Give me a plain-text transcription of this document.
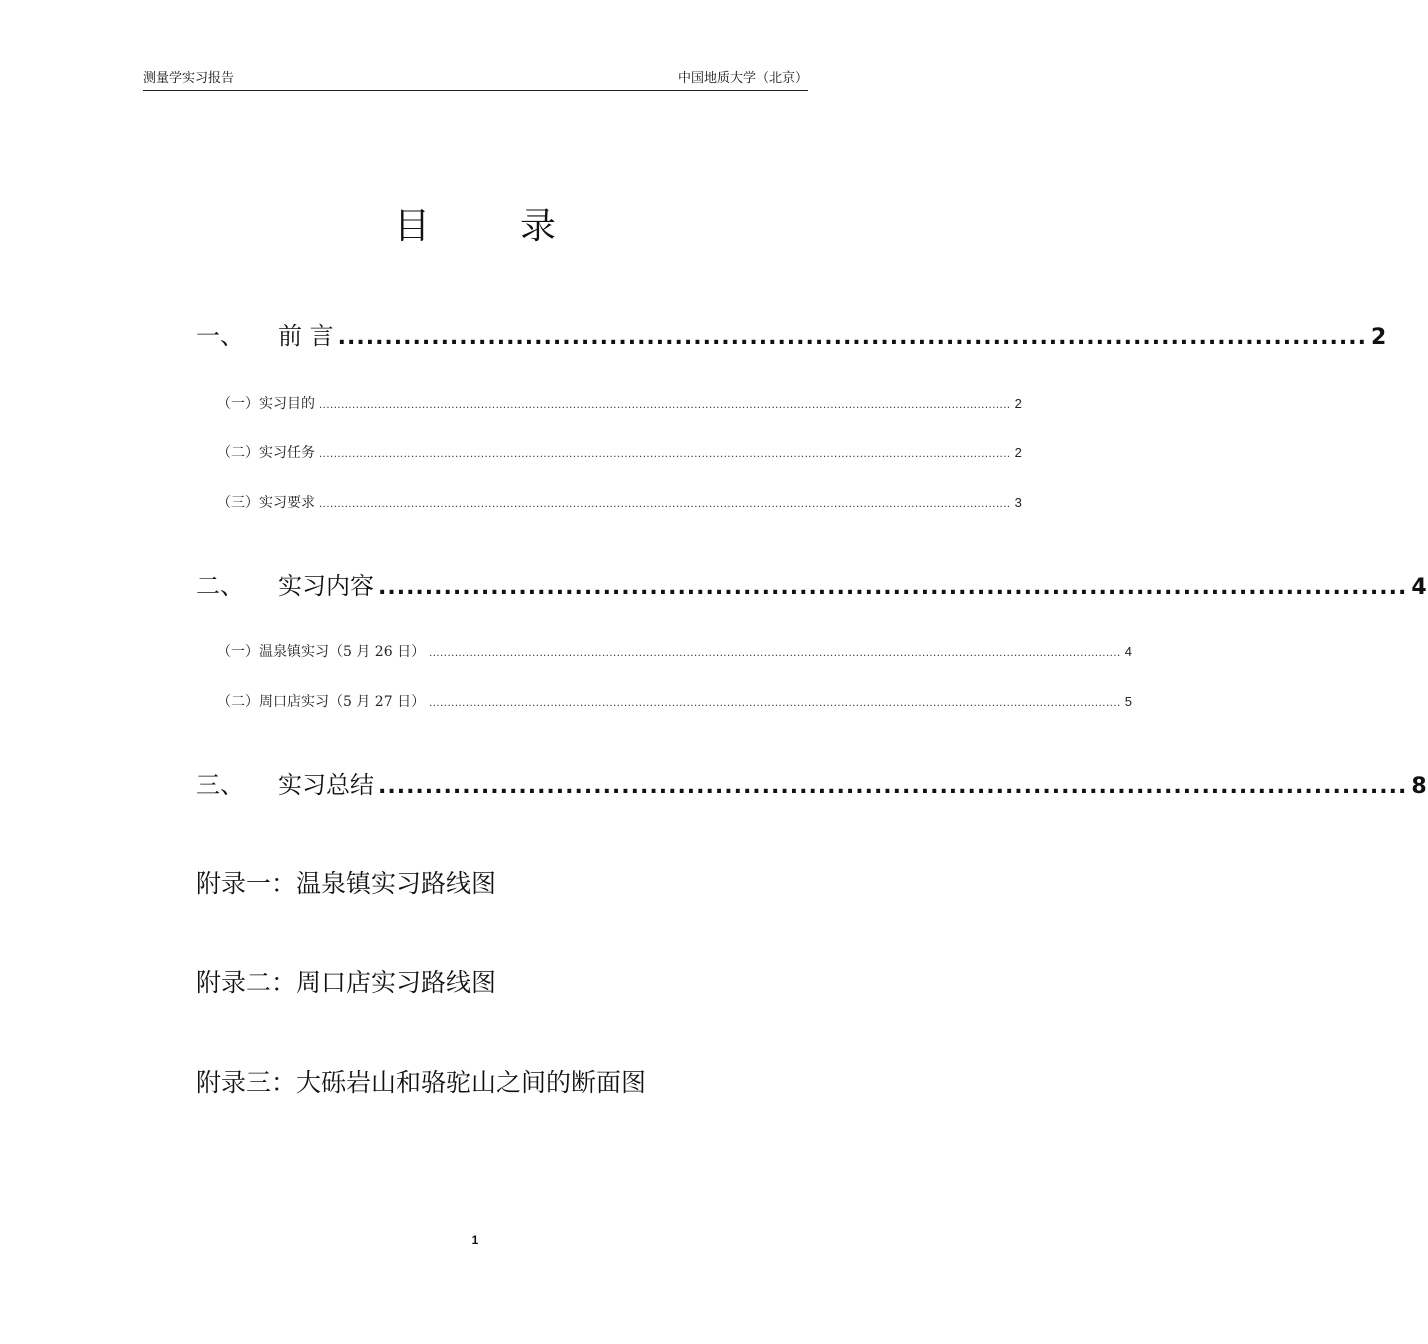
测量学实习报告	中国地质大学（北京）
目	录
一、 前 言 .............................................................................................................. 2
（一）实习目的 ............................................................................................................................................................................................ 2
（二）实习任务 ............................................................................................................................................................................................ 2
（三）实习要求 ............................................................................................................................................................................................ 3
二、 实习内容 .............................................................................................................. 4
（一）温泉镇实习（5 月 26 日） ............................................................................................................................................................................................ 4
（二）周口店实习（5 月 27 日） ............................................................................................................................................................................................ 5
三、 实习总结 .............................................................................................................. 8
附录一：温泉镇实习路线图
附录二：周口店实习路线图
附录三：大砾岩山和骆驼山之间的断面图
1
